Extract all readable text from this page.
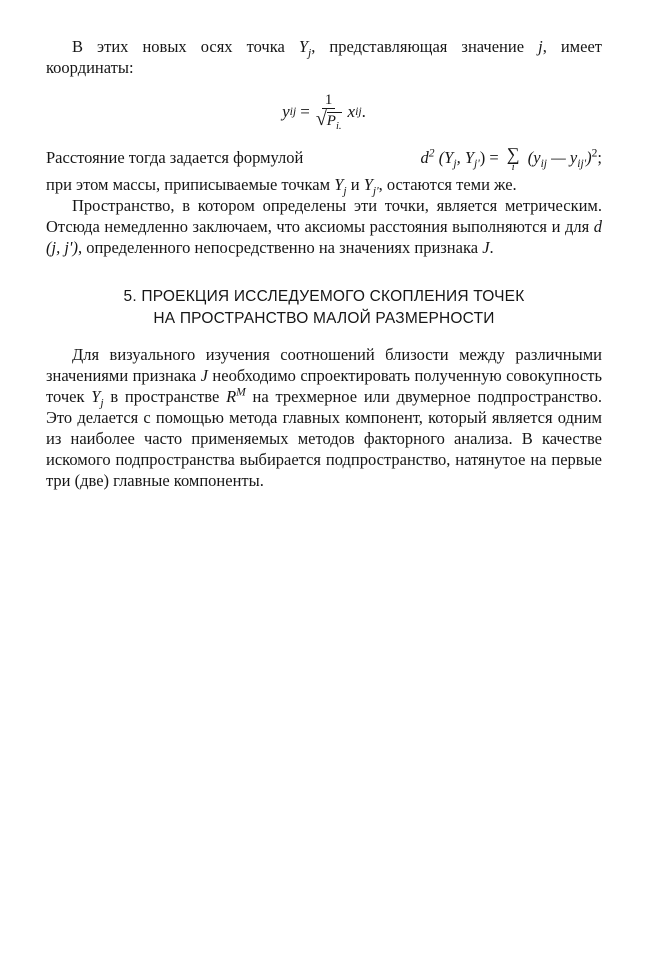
В этих новых осях точка $Y_j$, представляющая значение j, имеет координаты:

y ij = $\frac{1}{√P_{i.}}$ x ij .
Расстояние тогда задается формулой	$d^2$ ($Y_j$, $Y_{j'}$) = ∑
i
($y_{ij}$ — $y_{ij'})^2$;

при этом массы, приписываемые точкам $Y_j$ и $Y_{j'}$, остаются теми же.

Пространство, в котором определены эти точки, является метрическим. Отсюда немедленно заключаем, что аксиомы расстояния выполняются и для d (j, j'), определенного непосредственно на значениях признака J.

5. ПРОЕКЦИЯ ИССЛЕДУЕМОГО СКОПЛЕНИЯ ТОЧЕК
НА ПРОСТРАНСТВО МАЛОЙ РАЗМЕРНОСТИ

Для визуального изучения соотношений близости между различными значениями признака J необходимо спроектировать полученную совокупность точек $Y_j$ в пространстве $R^M$ на трехмерное или двумерное подпространство. Это делается с помощью метода главных компонент, который является одним из наиболее часто применяемых методов факторного анализа. В качестве искомого подпространства выбирается подпространство, натянутое на первые три (две) главные компоненты.
